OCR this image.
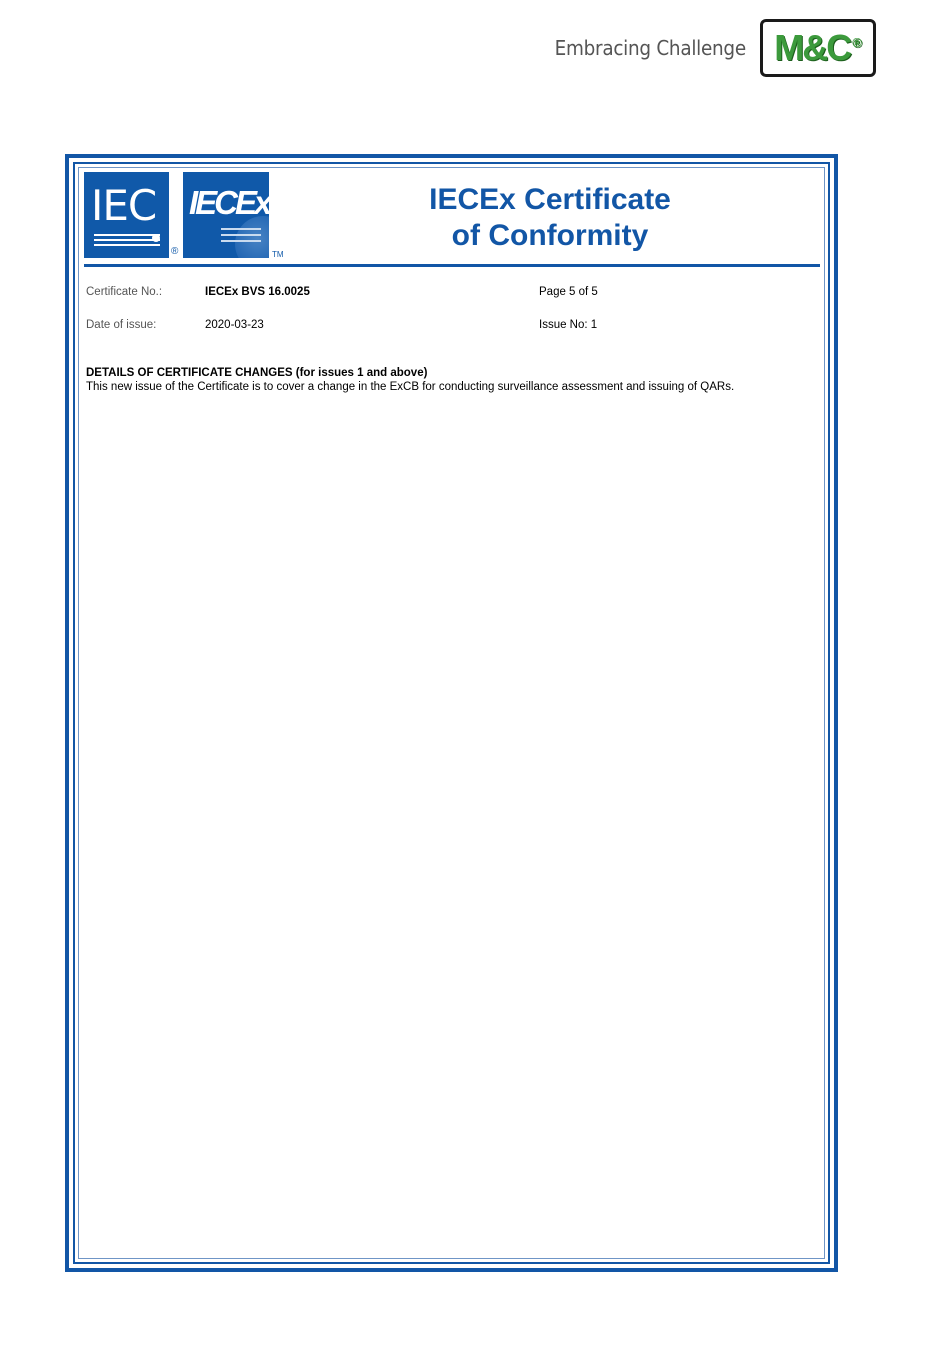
Embracing Challenge M&C ®
IEC
®
IECEx
TM
IECEx Certificate
of Conformity
Certificate No.:	IECEx BVS 16.0025	Page 5 of 5
Date of issue:	2020-03-23	Issue No: 1
DETAILS OF CERTIFICATE CHANGES (for issues 1 and above)
This new issue of the Certificate is to cover a change in the ExCB for conducting surveillance assessment and issuing of QARs.
